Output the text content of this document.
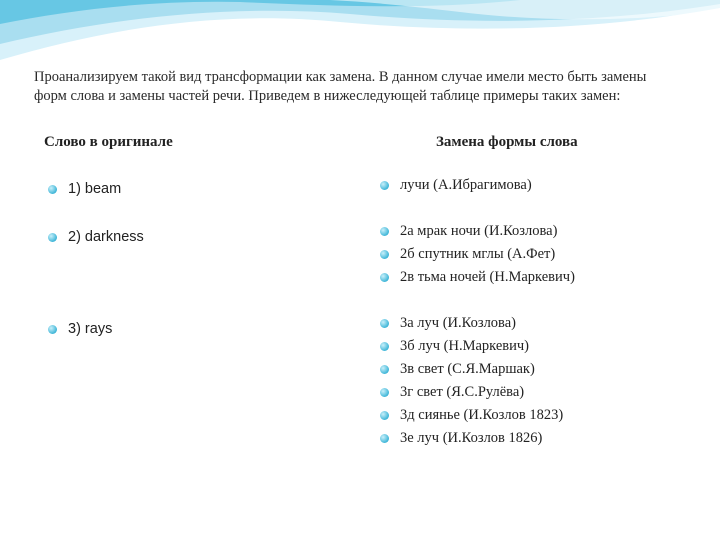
Проанализируем такой вид трансформации как замена. В данном случае имели место быть замены форм слова и замены частей речи. Приведем в нижеследующей таблице примеры таких замен:
Слово в оригинале	Замена формы слова
1) beam
2) darkness
3) rays
лучи (А.Ибрагимова)
2а мрак ночи (И.Козлова)
2б спутник мглы (А.Фет)
2в тьма ночей (Н.Маркевич)
3а луч (И.Козлова)
3б луч (Н.Маркевич)
3в свет (С.Я.Маршак)
3г свет (Я.С.Рулёва)
3д сиянье (И.Козлов 1823)
3е луч (И.Козлов 1826)
